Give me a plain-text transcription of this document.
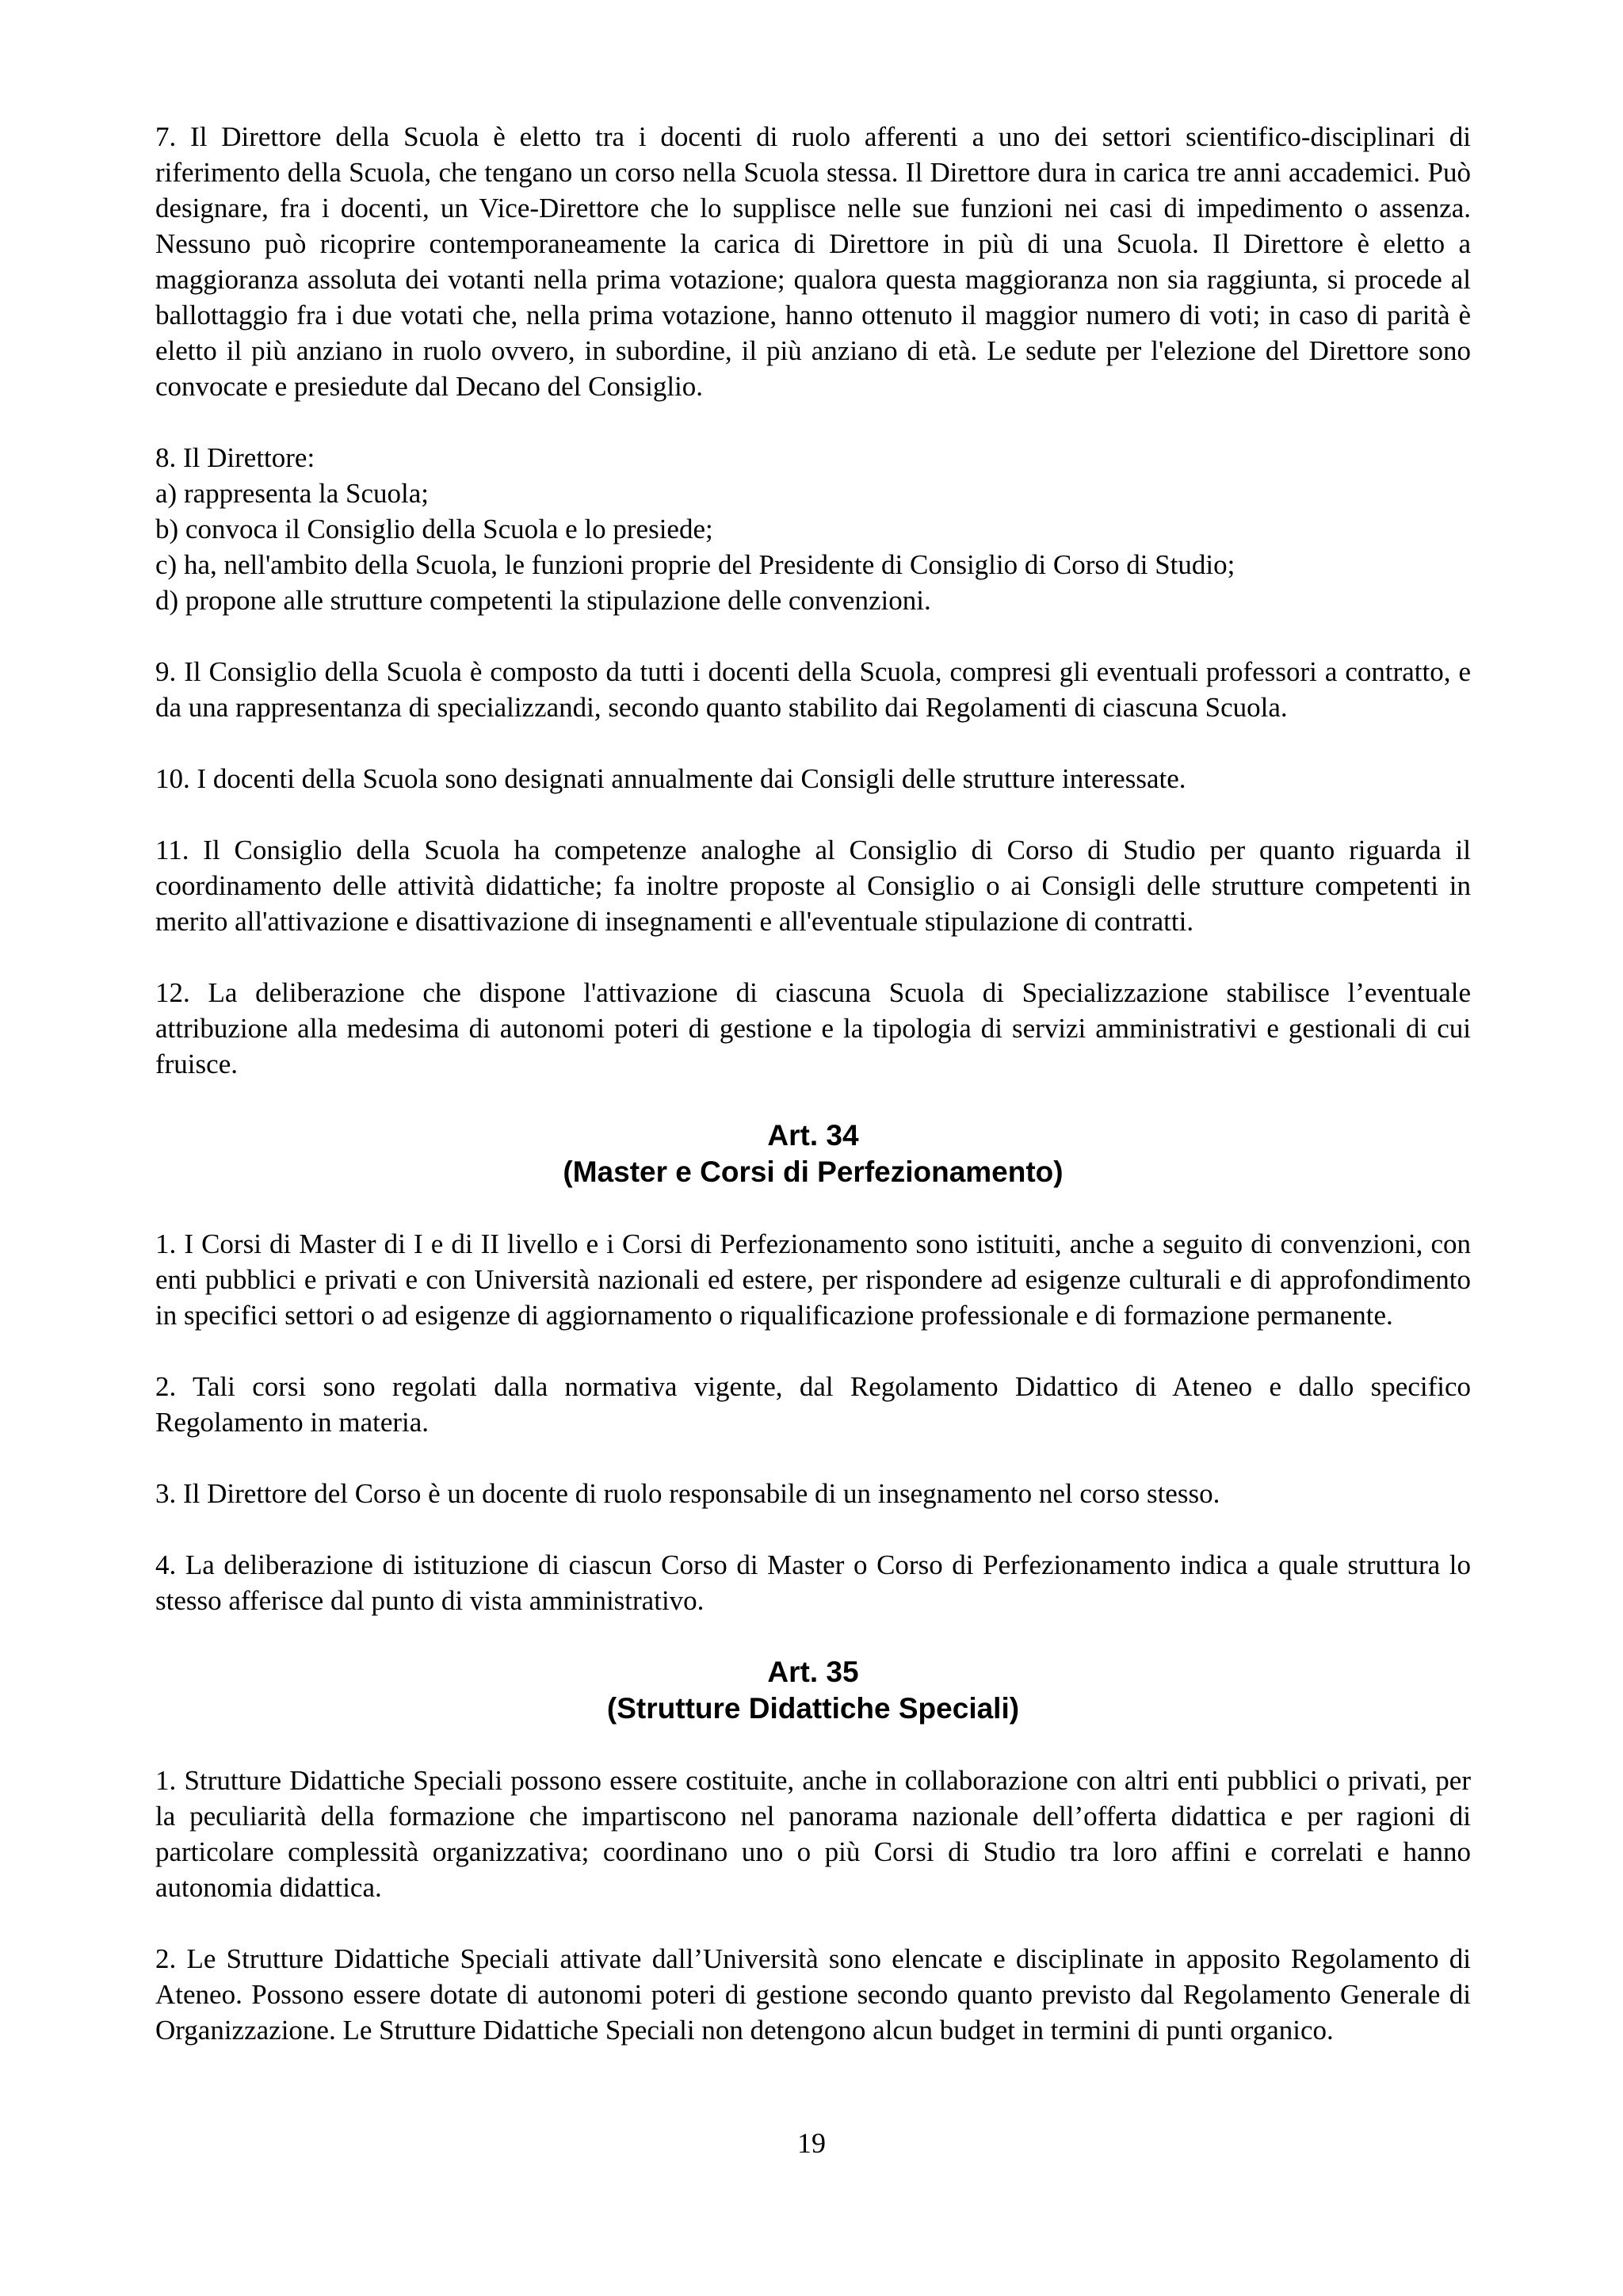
7. Il Direttore della Scuola è eletto tra i docenti di ruolo afferenti a uno dei settori scientifico-disciplinari di riferimento della Scuola, che tengano un corso nella Scuola stessa. Il Direttore dura in carica tre anni accademici. Può designare, fra i docenti, un Vice-Direttore che lo supplisce nelle sue funzioni nei casi di impedimento o assenza. Nessuno può ricoprire contemporaneamente la carica di Direttore in più di una Scuola. Il Direttore è eletto a maggioranza assoluta dei votanti nella prima votazione; qualora questa maggioranza non sia raggiunta, si procede al ballottaggio fra i due votati che, nella prima votazione, hanno ottenuto il maggior numero di voti; in caso di parità è eletto il più anziano in ruolo ovvero, in subordine, il più anziano di età. Le sedute per l'elezione del Direttore sono convocate e presiedute dal Decano del Consiglio.

8. Il Direttore:
a) rappresenta la Scuola;
b) convoca il Consiglio della Scuola e lo presiede;
c) ha, nell'ambito della Scuola, le funzioni proprie del Presidente di Consiglio di Corso di Studio;
d) propone alle strutture competenti la stipulazione delle convenzioni.

9. Il Consiglio della Scuola è composto da tutti i docenti della Scuola, compresi gli eventuali professori a contratto, e da una rappresentanza di specializzandi, secondo quanto stabilito dai Regolamenti di ciascuna Scuola.

10. I docenti della Scuola sono designati annualmente dai Consigli delle strutture interessate.

11. Il Consiglio della Scuola ha competenze analoghe al Consiglio di Corso di Studio per quanto riguarda il coordinamento delle attività didattiche; fa inoltre proposte al Consiglio o ai Consigli delle strutture competenti in merito all'attivazione e disattivazione di insegnamenti e all'eventuale stipulazione di contratti.

12. La deliberazione che dispone l'attivazione di ciascuna Scuola di Specializzazione stabilisce l’eventuale attribuzione alla medesima di autonomi poteri di gestione e la tipologia di servizi amministrativi e gestionali di cui fruisce.

Art. 34
(Master e Corsi di Perfezionamento)

1. I Corsi di Master di I e di II livello e i Corsi di Perfezionamento sono istituiti, anche a seguito di convenzioni, con enti pubblici e privati e con Università nazionali ed estere, per rispondere ad esigenze culturali e di approfondimento in specifici settori o ad esigenze di aggiornamento o riqualificazione professionale e di formazione permanente.

2. Tali corsi sono regolati dalla normativa vigente, dal Regolamento Didattico di Ateneo e dallo specifico Regolamento in materia.

3. Il Direttore del Corso è un docente di ruolo responsabile di un insegnamento nel corso stesso.

4. La deliberazione di istituzione di ciascun Corso di Master o Corso di Perfezionamento indica a quale struttura lo stesso afferisce dal punto di vista amministrativo.

Art. 35
(Strutture Didattiche Speciali)

1. Strutture Didattiche Speciali possono essere costituite, anche in collaborazione con altri enti pubblici o privati, per la peculiarità della formazione che impartiscono nel panorama nazionale dell’offerta didattica e per ragioni di particolare complessità organizzativa; coordinano uno o più Corsi di Studio tra loro affini e correlati e hanno autonomia didattica.

2. Le Strutture Didattiche Speciali attivate dall’Università sono elencate e disciplinate in apposito Regolamento di Ateneo. Possono essere dotate di autonomi poteri di gestione secondo quanto previsto dal Regolamento Generale di Organizzazione. Le Strutture Didattiche Speciali non detengono alcun budget in termini di punti organico.

19
